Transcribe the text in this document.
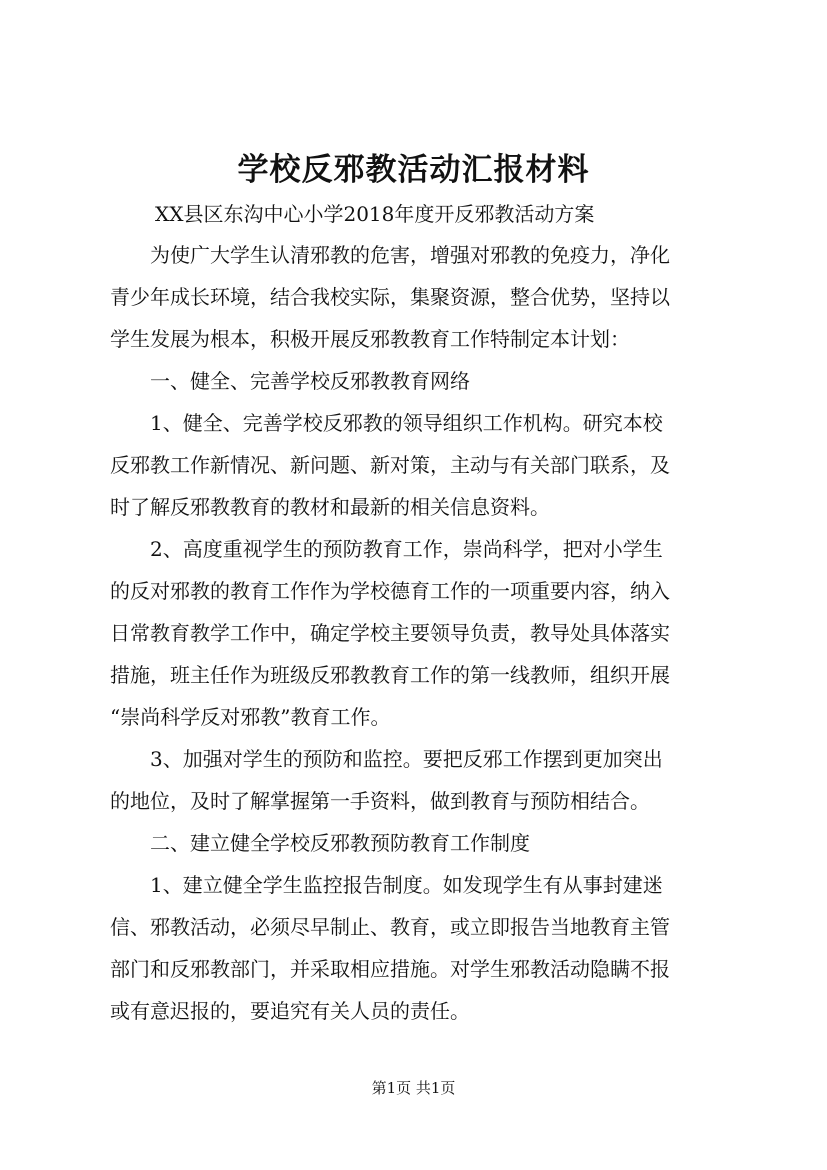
学校反邪教活动汇报材料
XX县区东沟中心小学2018年度开反邪教活动方案
为使广大学生认清邪教的危害，增强对邪教的免疫力，净化
青少年成长环境，结合我校实际，集聚资源，整合优势，坚持以
学生发展为根本，积极开展反邪教教育工作特制定本计划：
一、健全、完善学校反邪教教育网络
1、健全、完善学校反邪教的领导组织工作机构。研究本校
反邪教工作新情况、新问题、新对策，主动与有关部门联系，及
时了解反邪教教育的教材和最新的相关信息资料。
2、高度重视学生的预防教育工作，崇尚科学，把对小学生
的反对邪教的教育工作作为学校德育工作的一项重要内容，纳入
日常教育教学工作中，确定学校主要领导负责，教导处具体落实
措施，班主任作为班级反邪教教育工作的第一线教师，组织开展
“崇尚科学反对邪教”教育工作。
3、加强对学生的预防和监控。要把反邪工作摆到更加突出
的地位，及时了解掌握第一手资料，做到教育与预防相结合。
二、建立健全学校反邪教预防教育工作制度
1、建立健全学生监控报告制度。如发现学生有从事封建迷
信、邪教活动，必须尽早制止、教育，或立即报告当地教育主管
部门和反邪教部门，并采取相应措施。对学生邪教活动隐瞒不报
或有意迟报的，要追究有关人员的责任。
第1页 共1页
